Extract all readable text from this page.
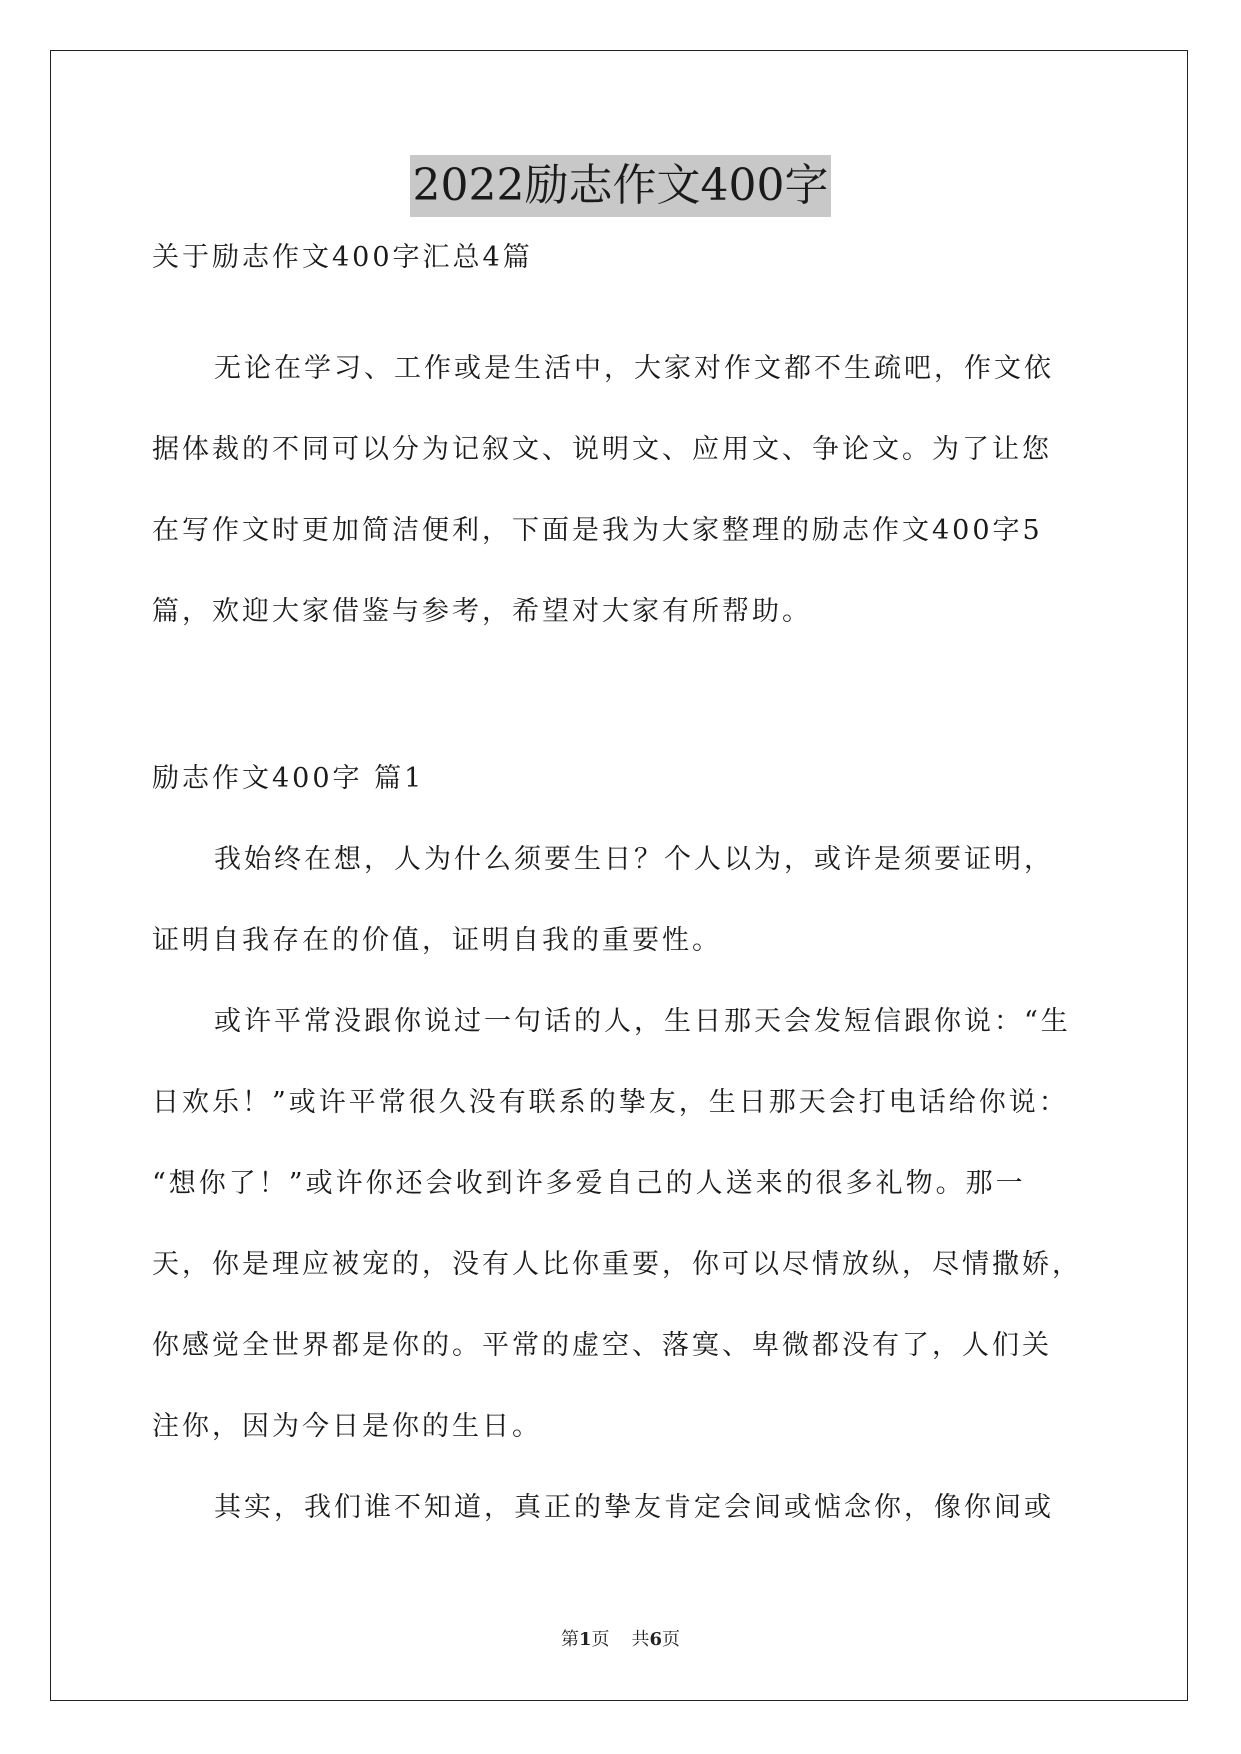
2022励志作文400字
关于励志作文400字汇总4篇
无论在学习、工作或是生活中，大家对作文都不生疏吧，作文依
据体裁的不同可以分为记叙文、说明文、应用文、争论文。为了让您
在写作文时更加简洁便利，下面是我为大家整理的励志作文400字5
篇，欢迎大家借鉴与参考，希望对大家有所帮助。
励志作文400字 篇1
我始终在想，人为什么须要生日？个人以为，或许是须要证明，
证明自我存在的价值，证明自我的重要性。
或许平常没跟你说过一句话的人，生日那天会发短信跟你说：“生
日欢乐！”或许平常很久没有联系的挚友，生日那天会打电话给你说：
“想你了！”或许你还会收到许多爱自己的人送来的很多礼物。那一
天，你是理应被宠的，没有人比你重要，你可以尽情放纵，尽情撒娇，
你感觉全世界都是你的。平常的虚空、落寞、卑微都没有了，人们关
注你，因为今日是你的生日。
其实，我们谁不知道，真正的挚友肯定会间或惦念你，像你间或
第1页 共6页
